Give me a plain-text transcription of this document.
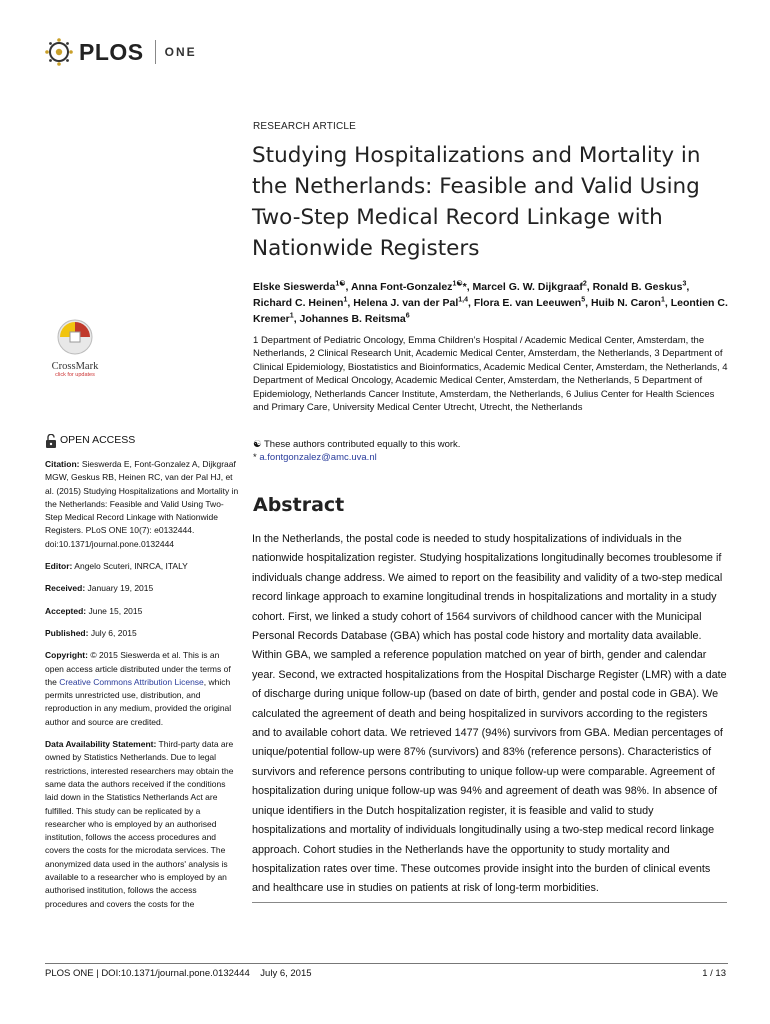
PLOS ONE
RESEARCH ARTICLE
Studying Hospitalizations and Mortality in the Netherlands: Feasible and Valid Using Two-Step Medical Record Linkage with Nationwide Registers
Elske Sieswerda$^{1☯}$, Anna Font-Gonzalez$^{1☯}$*, Marcel G. W. Dijkgraaf$^2$, Ronald B. Geskus$^3$, Richard C. Heinen$^1$, Helena J. van der Pal$^{1,4}$, Flora E. van Leeuwen$^5$, Huib N. Caron$^1$, Leontien C. Kremer$^1$, Johannes B. Reitsma$^6$
1 Department of Pediatric Oncology, Emma Children’s Hospital / Academic Medical Center, Amsterdam, the Netherlands, 2 Clinical Research Unit, Academic Medical Center, Amsterdam, the Netherlands, 3 Department of Clinical Epidemiology, Biostatistics and Bioinformatics, Academic Medical Center, Amsterdam, the Netherlands, 4 Department of Medical Oncology, Academic Medical Center, Amsterdam, the Netherlands, 5 Department of Epidemiology, Netherlands Cancer Institute, Amsterdam, the Netherlands, 6 Julius Center for Health Sciences and Primary Care, University Medical Center Utrecht, Utrecht, the Netherlands
☯ These authors contributed equally to this work.
* a.fontgonzalez@amc.uva.nl
CrossMark
click for updates
OPEN ACCESS
Citation: Sieswerda E, Font-Gonzalez A, Dijkgraaf MGW, Geskus RB, Heinen RC, van der Pal HJ, et al. (2015) Studying Hospitalizations and Mortality in the Netherlands: Feasible and Valid Using Two-Step Medical Record Linkage with Nationwide Registers. PLoS ONE 10(7): e0132444. doi:10.1371/journal.pone.0132444
Editor: Angelo Scuteri, INRCA, ITALY
Received: January 19, 2015
Accepted: June 15, 2015
Published: July 6, 2015
Copyright: © 2015 Sieswerda et al. This is an open access article distributed under the terms of the Creative Commons Attribution License, which permits unrestricted use, distribution, and reproduction in any medium, provided the original author and source are credited.
Data Availability Statement: Third-party data are owned by Statistics Netherlands. Due to legal restrictions, interested researchers may obtain the same data the authors received if the conditions laid down in the Statistics Netherlands Act are fulfilled. This study can be replicated by a researcher who is employed by an authorised institution, follows the access procedures and covers the costs for the microdata services. The anonymized data used in the authors' analysis is available to a researcher who is employed by an authorised institution, follows the access procedures and covers the costs for the
Abstract

In the Netherlands, the postal code is needed to study hospitalizations of individuals in the nationwide hospitalization register. Studying hospitalizations longitudinally becomes troublesome if individuals change address. We aimed to report on the feasibility and validity of a two-step medical record linkage approach to examine longitudinal trends in hospitalizations and mortality in a study cohort. First, we linked a study cohort of 1564 survivors of childhood cancer with the Municipal Personal Records Database (GBA) which has postal code history and mortality data available. Within GBA, we sampled a reference population matched on year of birth, gender and calendar year. Second, we extracted hospitalizations from the Hospital Discharge Register (LMR) with a date of discharge during unique follow-up (based on date of birth, gender and postal code in GBA). We calculated the agreement of death and being hospitalized in survivors according to the registers and to available cohort data. We retrieved 1477 (94%) survivors from GBA. Median percentages of unique/potential follow-up were 87% (survivors) and 83% (reference persons). Characteristics of survivors and reference persons contributing to unique follow-up were comparable. Agreement of hospitalization during unique follow-up was 94% and agreement of death was 98%. In absence of unique identifiers in the Dutch hospitalization register, it is feasible and valid to study hospitalizations and mortality of individuals longitudinally using a two-step medical record linkage approach. Cohort studies in the Netherlands have the opportunity to study mortality and hospitalization rates over time. These outcomes provide insight into the burden of clinical events and healthcare use in studies on patients at risk of long-term morbidities.

PLOS ONE | DOI:10.1371/journal.pone.0132444    July 6, 2015	1 / 13
